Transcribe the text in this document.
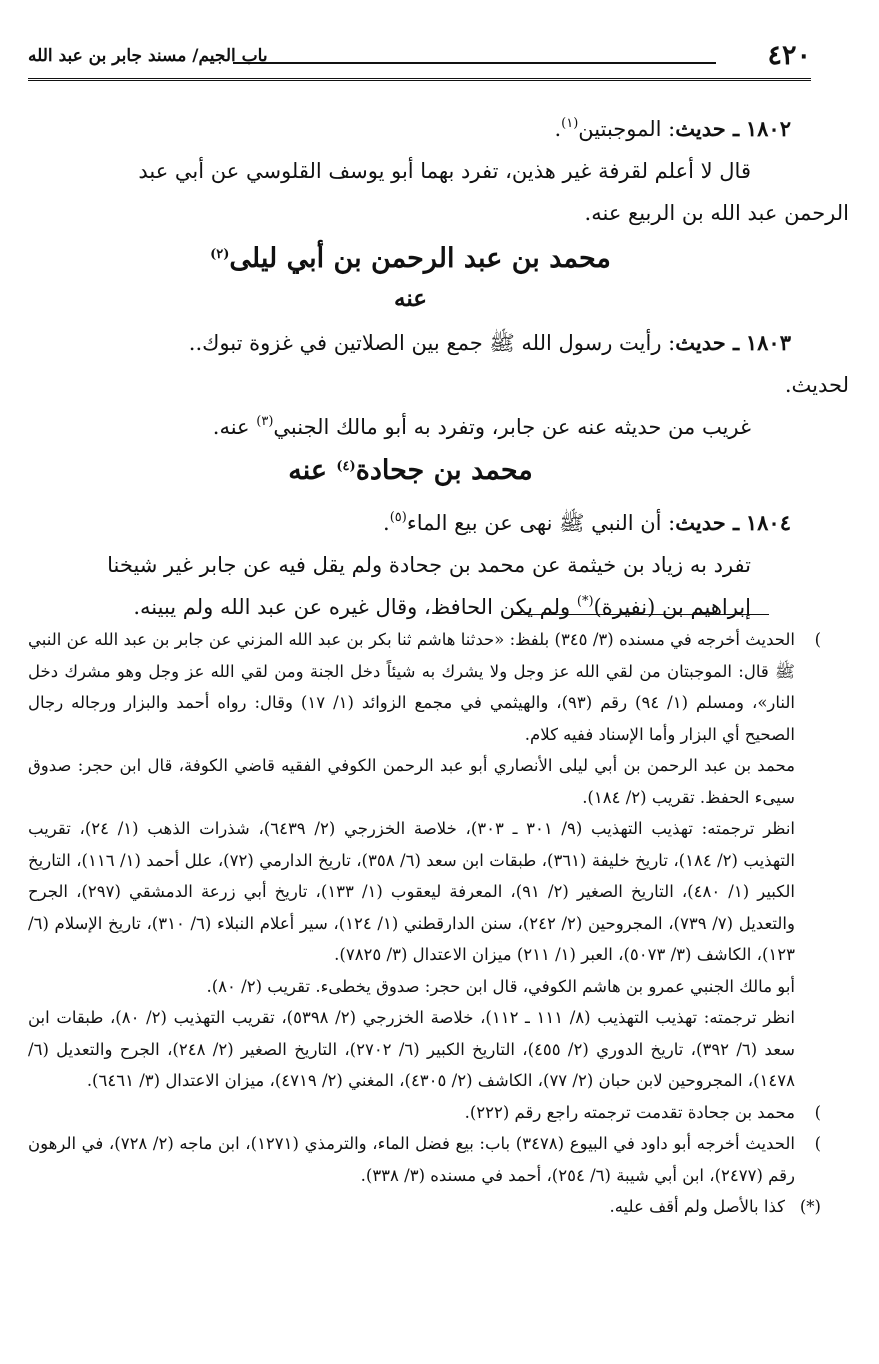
٤٢٠
باب الجيم/ مسند جابر بن عبد الله

١٨٠٢ ـ حديث: الموجبتين$^{(١)}$.

قال لا أعلم لقرفة غير هذين، تفرد بهما أبو يوسف القلوسي عن أبي عبد

الرحمن عبد الله بن الربيع عنه.

محمد بن عبد الرحمن بن أبي ليلى$^{(٢)}$

عنه

١٨٠٣ ـ حديث: رأيت رسول الله ﷺ جمع بين الصلاتين في غزوة تبوك..

لحديث.

غريب من حديثه عنه عن جابر، وتفرد به أبو مالك الجنبي$^{(٣)}$ عنه.

محمد بن جحادة$^{(٤)}$ عنه

١٨٠٤ ـ حديث: أن النبي ﷺ نهى عن بيع الماء$^{(٥)}$.

تفرد به زياد بن خيثمة عن محمد بن جحادة ولم يقل فيه عن جابر غير شيخنا

إبراهيم بن (نفيرة)(*) ولم يكن الحافظ، وقال غيره عن عبد الله ولم يبينه.

)
الحديث أخرجه في مسنده (٣/ ٣٤٥) بلفظ: «حدثنا هاشم ثنا بكر بن عبد الله المزني عن جابر بن عبد الله عن النبي ﷺ قال: الموجبتان من لقي الله عز وجل ولا يشرك به شيئاً دخل الجنة ومن لقي الله عز وجل وهو مشرك دخل النار»، ومسلم (١/ ٩٤) رقم (٩٣)، والهيثمي في مجمع الزوائد (١/ ١٧) وقال: رواه أحمد والبزار ورجاله رجال الصحيح أي البزار وأما الإسناد ففيه كلام.

محمد بن عبد الرحمن بن أبي ليلى الأنصاري أبو عبد الرحمن الكوفي الفقيه قاضي الكوفة، قال ابن حجر: صدوق سيىء الحفظ. تقريب (٢/ ١٨٤).

انظر ترجمته: تهذيب التهذيب (٩/ ٣٠١ ـ ٣٠٣)، خلاصة الخزرجي (٢/ ٦٤٣٩)، شذرات الذهب (١/ ٢٤)، تقريب التهذيب (٢/ ١٨٤)، تاريخ خليفة (٣٦١)، طبقات ابن سعد (٦/ ٣٥٨)، تاريخ الدارمي (٧٢)، علل أحمد (١/ ١١٦)، التاريخ الكبير (١/ ٤٨٠)، التاريخ الصغير (٢/ ٩١)، المعرفة ليعقوب (١/ ١٣٣)، تاريخ أبي زرعة الدمشقي (٢٩٧)، الجرح والتعديل (٧/ ٧٣٩)، المجروحين (٢/ ٢٤٢)، سنن الدارقطني (١/ ١٢٤)، سير أعلام النبلاء (٦/ ٣١٠)، تاريخ الإسلام (٦/ ١٢٣)، الكاشف (٣/ ٥٠٧٣)، العبر (١/ ٢١١) ميزان الاعتدال (٣/ ٧٨٢٥).

أبو مالك الجنبي عمرو بن هاشم الكوفي، قال ابن حجر: صدوق يخطىء. تقريب (٢/ ٨٠).

انظر ترجمته: تهذيب التهذيب (٨/ ١١١ ـ ١١٢)، خلاصة الخزرجي (٢/ ٥٣٩٨)، تقريب التهذيب (٢/ ٨٠)، طبقات ابن سعد (٦/ ٣٩٢)، تاريخ الدوري (٢/ ٤٥٥)، التاريخ الكبير (٦/ ٢٧٠٢)، التاريخ الصغير (٢/ ٢٤٨)، الجرح والتعديل (٦/ ١٤٧٨)، المجروحين لابن حبان (٢/ ٧٧)، الكاشف (٢/ ٤٣٠٥)، المغني (٢/ ٤٧١٩)، ميزان الاعتدال (٣/ ٦٤٦١).

)
محمد بن جحادة تقدمت ترجمته راجع رقم (٢٢٢).

)
الحديث أخرجه أبو داود في البيوع (٣٤٧٨) باب: بيع فضل الماء، والترمذي (١٢٧١)، ابن ماجه (٢/ ٧٢٨)، في الرهون رقم (٢٤٧٧)، ابن أبي شيبة (٦/ ٢٥٤)، أحمد في مسنده (٣/ ٣٣٨).

(*)
كذا بالأصل ولم أقف عليه.
